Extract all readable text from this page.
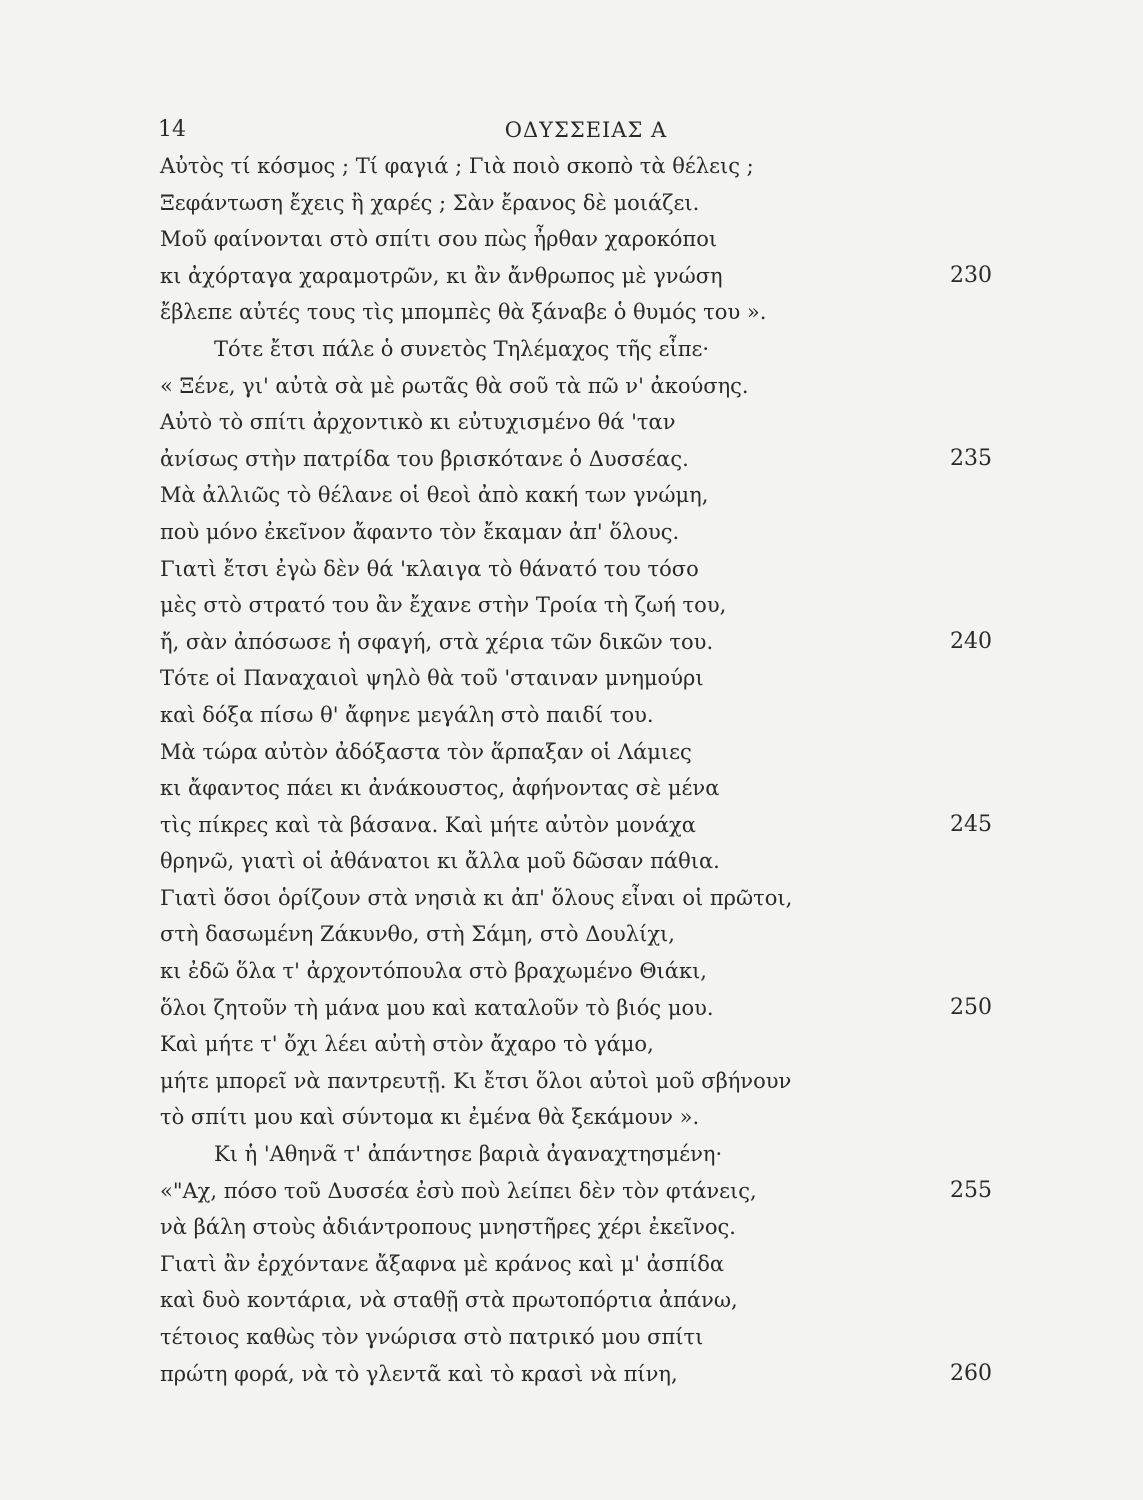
14	ΟΔΥΣΣΕΙΑΣ Α
Αὐτὸς τί κόσμος ; Τί φαγιά ; Γιὰ ποιὸ σκοπὸ τὰ θέλεις ;
Ξεφάντωση ἔχεις ἢ χαρές ; Σὰν ἔρανος δὲ μοιάζει.
Μοῦ φαίνονται στὸ σπίτι σου πὼς ἦρθαν χαροκόποι
κι ἀχόρταγα χαραμοτρῶν, κι ἂν ἄνθρωπος μὲ γνώση	230
ἔβλεπε αὐτές τους τὶς μπομπὲς θὰ ξάναβε ὁ θυμός του ».
Τότε ἔτσι πάλε ὁ συνετὸς Τηλέμαχος τῆς εἶπε·
« Ξένε, γι' αὐτὰ σὰ μὲ ρωτᾶς θὰ σοῦ τὰ πῶ ν' ἀκούσης.
Αὐτὸ τὸ σπίτι ἀρχοντικὸ κι εὐτυχισμένο θά 'ταν
ἀνίσως στὴν πατρίδα του βρισκότανε ὁ Δυσσέας.	235
Μὰ ἀλλιῶς τὸ θέλανε οἱ θεοὶ ἀπὸ κακή των γνώμη,
ποὺ μόνο ἐκεῖνον ἄφαντο τὸν ἔκαμαν ἀπ' ὅλους.
Γιατὶ ἔτσι ἐγὼ δὲν θά 'κλαιγα τὸ θάνατό του τόσο
μὲς στὸ στρατό του ἂν ἔχανε στὴν Τροία τὴ ζωή του,
ἤ, σὰν ἀπόσωσε ἡ σφαγή, στὰ χέρια τῶν δικῶν του.	240
Τότε οἱ Παναχαιοὶ ψηλὸ θὰ τοῦ 'σταιναν μνημούρι
καὶ δόξα πίσω θ' ἄφηνε μεγάλη στὸ παιδί του.
Μὰ τώρα αὐτὸν ἀδόξαστα τὸν ἅρπαξαν οἱ Λάμιες
κι ἄφαντος πάει κι ἀνάκουστος, ἀφήνοντας σὲ μένα
τὶς πίκρες καὶ τὰ βάσανα. Καὶ μήτε αὐτὸν μονάχα	245
θρηνῶ, γιατὶ οἱ ἀθάνατοι κι ἄλλα μοῦ δῶσαν πάθια.
Γιατὶ ὅσοι ὁρίζουν στὰ νησιὰ κι ἀπ' ὅλους εἶναι οἱ πρῶτοι,
στὴ δασωμένη Ζάκυνθο, στὴ Σάμη, στὸ Δουλίχι,
κι ἐδῶ ὅλα τ' ἀρχοντόπουλα στὸ βραχωμένο Θιάκι,
ὅλοι ζητοῦν τὴ μάνα μου καὶ καταλοῦν τὸ βιός μου.	250
Καὶ μήτε τ' ὄχι λέει αὐτὴ στὸν ἄχαρο τὸ γάμο,
μήτε μπορεῖ νὰ παντρευτῇ. Κι ἔτσι ὅλοι αὐτοὶ μοῦ σβήνουν
τὸ σπίτι μου καὶ σύντομα κι ἐμένα θὰ ξεκάμουν ».
Κι ἡ 'Αθηνᾶ τ' ἀπάντησε βαριὰ ἀγαναχτησμένη·
«"Αχ, πόσο τοῦ Δυσσέα ἐσὺ ποὺ λείπει δὲν τὸν φτάνεις,	255
νὰ βάλη στοὺς ἀδιάντροπους μνηστῆρες χέρι ἐκεῖνος.
Γιατὶ ἂν ἐρχόντανε ἄξαφνα μὲ κράνος καὶ μ' ἀσπίδα
καὶ δυὸ κοντάρια, νὰ σταθῇ στὰ πρωτοπόρτια ἀπάνω,
τέτοιος καθὼς τὸν γνώρισα στὸ πατρικό μου σπίτι
πρώτη φορά, νὰ τὸ γλεντᾶ καὶ τὸ κρασὶ νὰ πίνη,	260
